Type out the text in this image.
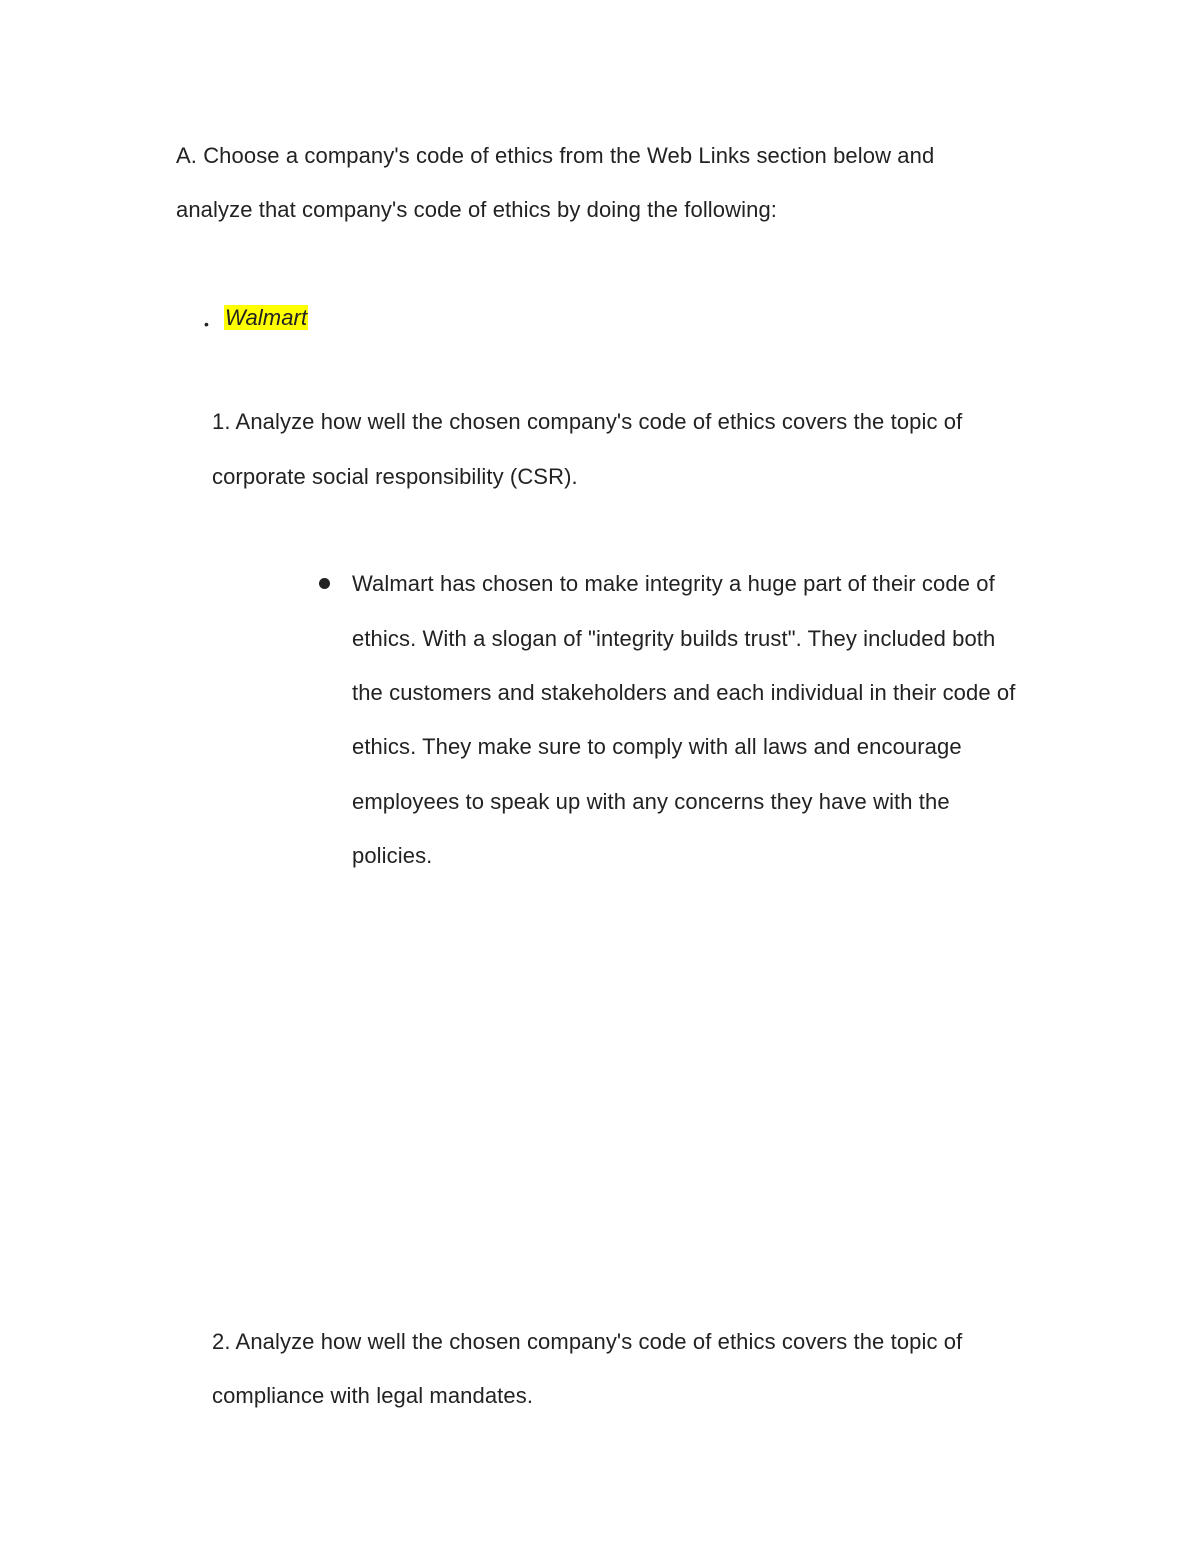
A. Choose a company's code of ethics from the Web Links section below and
analyze that company's code of ethics by doing the following:
• Walmart
1. Analyze how well the chosen company's code of ethics covers the topic of
corporate social responsibility (CSR).
Walmart has chosen to make integrity a huge part of their code of
ethics. With a slogan of "integrity builds trust". They included both
the customers and stakeholders and each individual in their code of
ethics. They make sure to comply with all laws and encourage
employees to speak up with any concerns they have with the
policies.
2. Analyze how well the chosen company's code of ethics covers the topic of
compliance with legal mandates.
